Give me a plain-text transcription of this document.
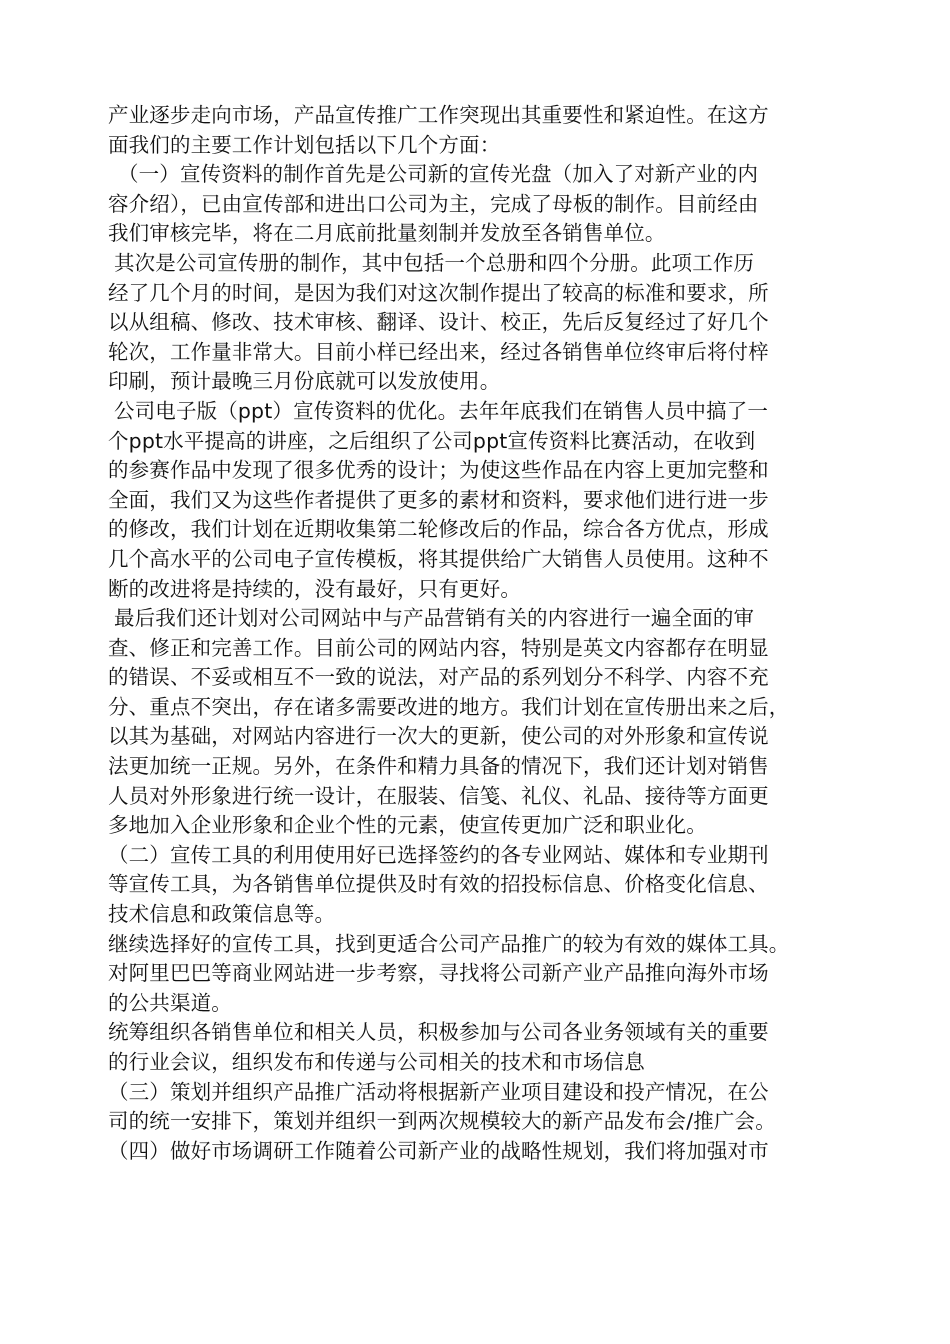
产业逐步走向市场，产品宣传推广工作突现出其重要性和紧迫性。在这方
面我们的主要工作计划包括以下几个方面：
（一）宣传资料的制作首先是公司新的宣传光盘（加入了对新产业的内
容介绍），已由宣传部和进出口公司为主，完成了母板的制作。目前经由
我们审核完毕，将在二月底前批量刻制并发放至各销售单位。
其次是公司宣传册的制作，其中包括一个总册和四个分册。此项工作历
经了几个月的时间，是因为我们对这次制作提出了较高的标准和要求，所
以从组稿、修改、技术审核、翻译、设计、校正，先后反复经过了好几个
轮次，工作量非常大。目前小样已经出来，经过各销售单位终审后将付梓
印刷，预计最晚三月份底就可以发放使用。
公司电子版（ppt）宣传资料的优化。去年年底我们在销售人员中搞了一
个ppt水平提高的讲座，之后组织了公司ppt宣传资料比赛活动，在收到
的参赛作品中发现了很多优秀的设计；为使这些作品在内容上更加完整和
全面，我们又为这些作者提供了更多的素材和资料，要求他们进行进一步
的修改，我们计划在近期收集第二轮修改后的作品，综合各方优点，形成
几个高水平的公司电子宣传模板，将其提供给广大销售人员使用。这种不
断的改进将是持续的，没有最好，只有更好。
最后我们还计划对公司网站中与产品营销有关的内容进行一遍全面的审
查、修正和完善工作。目前公司的网站内容，特别是英文内容都存在明显
的错误、不妥或相互不一致的说法，对产品的系列划分不科学、内容不充
分、重点不突出，存在诸多需要改进的地方。我们计划在宣传册出来之后，
以其为基础，对网站内容进行一次大的更新，使公司的对外形象和宣传说
法更加统一正规。另外，在条件和精力具备的情况下，我们还计划对销售
人员对外形象进行统一设计，在服装、信笺、礼仪、礼品、接待等方面更
多地加入企业形象和企业个性的元素，使宣传更加广泛和职业化。
（二）宣传工具的利用使用好已选择签约的各专业网站、媒体和专业期刊
等宣传工具，为各销售单位提供及时有效的招投标信息、价格变化信息、
技术信息和政策信息等。
继续选择好的宣传工具，找到更适合公司产品推广的较为有效的媒体工具。
对阿里巴巴等商业网站进一步考察，寻找将公司新产业产品推向海外市场
的公共渠道。
统筹组织各销售单位和相关人员，积极参加与公司各业务领域有关的重要
的行业会议，组织发布和传递与公司相关的技术和市场信息
（三）策划并组织产品推广活动将根据新产业项目建设和投产情况，在公
司的统一安排下，策划并组织一到两次规模较大的新产品发布会/推广会。
（四）做好市场调研工作随着公司新产业的战略性规划，我们将加强对市
